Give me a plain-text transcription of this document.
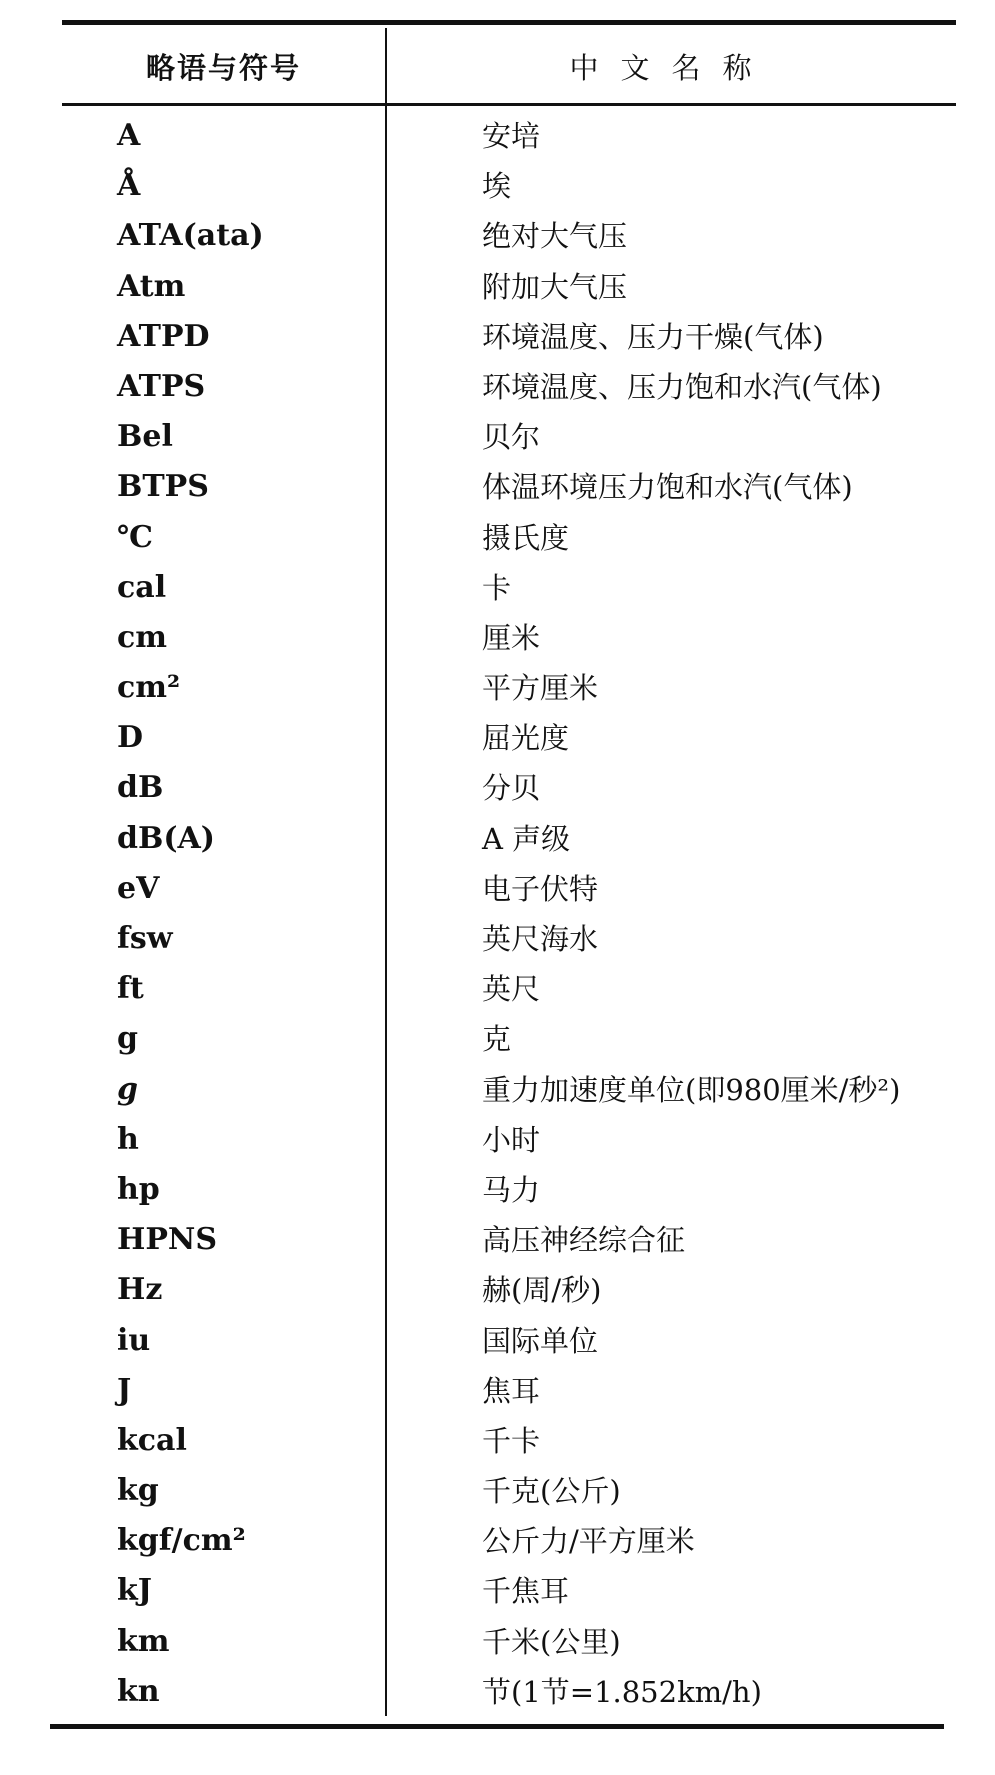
略语与符号	中文名称
A	安培
Å	埃
ATA(ata)	绝对大气压
Atm	附加大气压
ATPD	环境温度、压力干燥(气体)
ATPS	环境温度、压力饱和水汽(气体)
Bel	贝尔
BTPS	体温环境压力饱和水汽(气体)
℃	摄氏度
cal	卡
cm	厘米
cm²	平方厘米
D	屈光度
dB	分贝
dB(A)	A 声级
eV	电子伏特
fsw	英尺海水
ft	英尺
g	克
g	重力加速度单位(即980厘米/秒²)
h	小时
hp	马力
HPNS	高压神经综合征
Hz	赫(周/秒)
iu	国际单位
J	焦耳
kcal	千卡
kg	千克(公斤)
kgf/cm²	公斤力/平方厘米
kJ	千焦耳
km	千米(公里)
kn	节(1节=1.852km/h)
